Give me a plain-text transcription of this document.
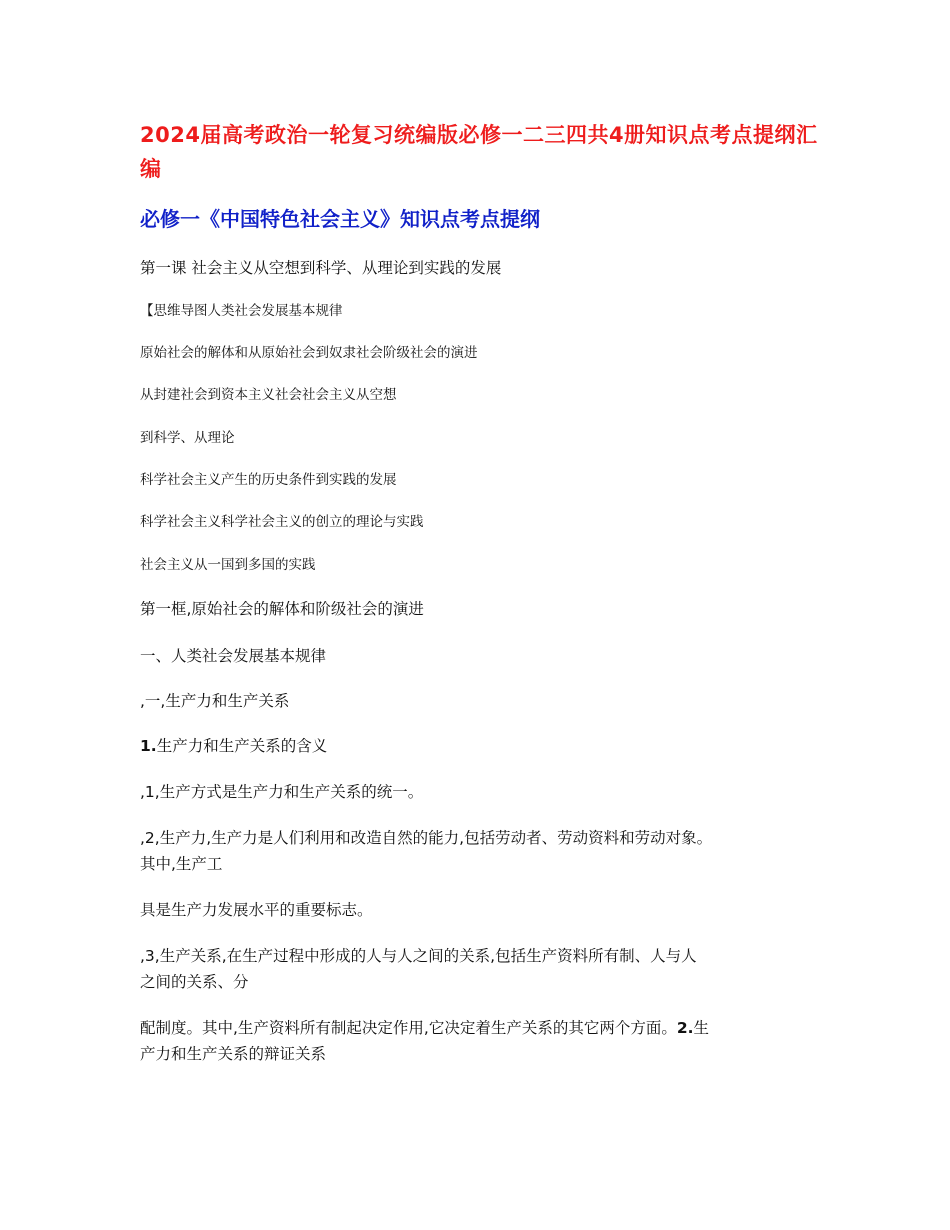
2024届高考政治一轮复习统编版必修一二三四共4册知识点考点提纲汇编
必修一《中国特色社会主义》知识点考点提纲
第一课 社会主义从空想到科学、从理论到实践的发展
【思维导图人类社会发展基本规律
原始社会的解体和从原始社会到奴隶社会阶级社会的演进
从封建社会到资本主义社会社会主义从空想
到科学、从理论
科学社会主义产生的历史条件到实践的发展
科学社会主义科学社会主义的创立的理论与实践
社会主义从一国到多国的实践
第一框,原始社会的解体和阶级社会的演进
一、人类社会发展基本规律
,一,生产力和生产关系
1.生产力和生产关系的含义
,1,生产方式是生产力和生产关系的统一。
,2,生产力,生产力是人们利用和改造自然的能力,包括劳动者、劳动资料和劳动对象。
其中,生产工
具是生产力发展水平的重要标志。
,3,生产关系,在生产过程中形成的人与人之间的关系,包括生产资料所有制、人与人
之间的关系、分
配制度。其中,生产资料所有制起决定作用,它决定着生产关系的其它两个方面。2.生
产力和生产关系的辩证关系
